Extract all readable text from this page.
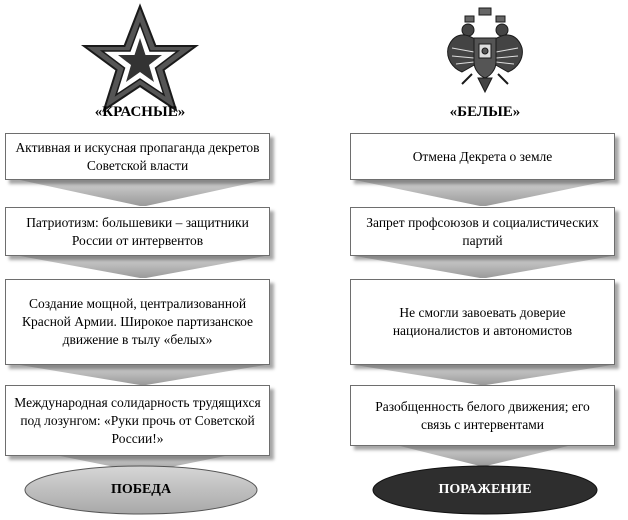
«КРАСНЫЕ»	«БЕЛЫЕ»
Активная и искусная пропаганда декретов Советской власти
Патриотизм: большевики – защитники России от интервентов
Создание мощной, централизованной Красной Армии. Широкое партизанское движение в тылу «белых»
Международная солидарность трудящихся под лозунгом: «Руки прочь от Советской России!»
Отмена Декрета о земле
Запрет профсоюзов и социалистических партий
Не смогли завоевать доверие националистов и автономистов
Разобщенность белого движения; его связь с интервентами
ПОБЕДА	ПОРАЖЕНИЕ
